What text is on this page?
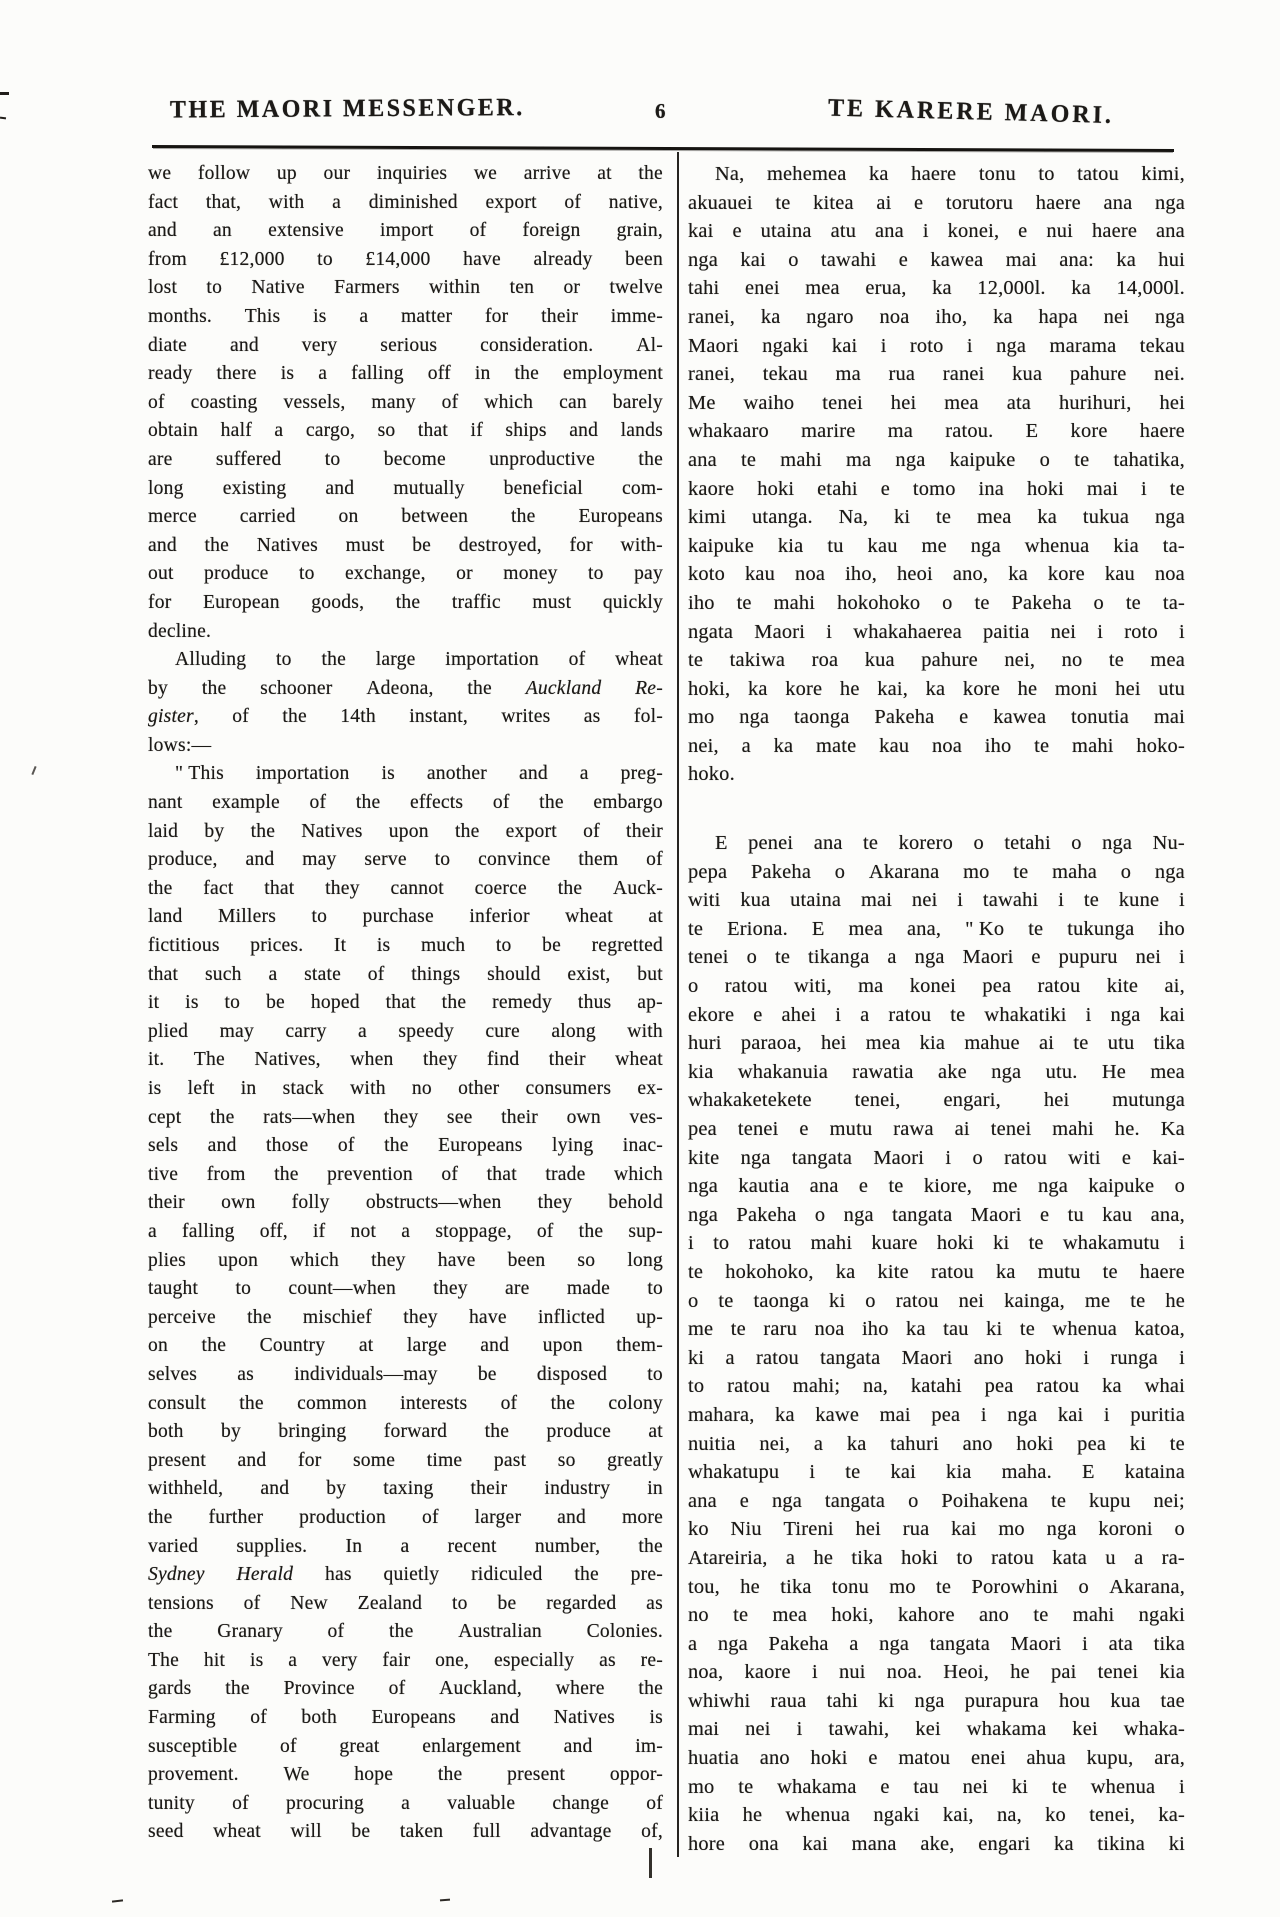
THE MAORI MESSENGER.	6	TE KARERE MAORI.
we follow up our inquiries we arrive at the
fact that, with a diminished export of native,
and an extensive import of foreign grain,
from £12,000 to £14,000 have already been
lost to Native Farmers within ten or twelve
months. This is a matter for their imme-
diate and very serious consideration. Al-
ready there is a falling off in the employment
of coasting vessels, many of which can barely
obtain half a cargo, so that if ships and lands
are suffered to become unproductive the
long existing and mutually beneficial com-
merce carried on between the Europeans
and the Natives must be destroyed, for with-
out produce to exchange, or money to pay
for European goods, the traffic must quickly
decline.
Alluding to the large importation of wheat
by the schooner Adeona, the Auckland Re-
gister, of the 14th instant, writes as fol-
lows:—
" This importation is another and a preg-
nant example of the effects of the embargo
laid by the Natives upon the export of their
produce, and may serve to convince them of
the fact that they cannot coerce the Auck-
land Millers to purchase inferior wheat at
fictitious prices. It is much to be regretted
that such a state of things should exist, but
it is to be hoped that the remedy thus ap-
plied may carry a speedy cure along with
it. The Natives, when they find their wheat
is left in stack with no other consumers ex-
cept the rats—when they see their own ves-
sels and those of the Europeans lying inac-
tive from the prevention of that trade which
their own folly obstructs—when they behold
a falling off, if not a stoppage, of the sup-
plies upon which they have been so long
taught to count—when they are made to
perceive the mischief they have inflicted up-
on the Country at large and upon them-
selves as individuals—may be disposed to
consult the common interests of the colony
both by bringing forward the produce at
present and for some time past so greatly
withheld, and by taxing their industry in
the further production of larger and more
varied supplies. In a recent number, the
Sydney Herald has quietly ridiculed the pre-
tensions of New Zealand to be regarded as
the Granary of the Australian Colonies.
The hit is a very fair one, especially as re-
gards the Province of Auckland, where the
Farming of both Europeans and Natives is
susceptible of great enlargement and im-
provement. We hope the present oppor-
tunity of procuring a valuable change of
seed wheat will be taken full advantage of,
Na, mehemea ka haere tonu to tatou kimi,
akuauei te kitea ai e torutoru haere ana nga
kai e utaina atu ana i konei, e nui haere ana
nga kai o tawahi e kawea mai ana: ka hui
tahi enei mea erua, ka 12,000l. ka 14,000l.
ranei, ka ngaro noa iho, ka hapa nei nga
Maori ngaki kai i roto i nga marama tekau
ranei, tekau ma rua ranei kua pahure nei.
Me waiho tenei hei mea ata hurihuri, hei
whakaaro marire ma ratou. E kore haere
ana te mahi ma nga kaipuke o te tahatika,
kaore hoki etahi e tomo ina hoki mai i te
kimi utanga. Na, ki te mea ka tukua nga
kaipuke kia tu kau me nga whenua kia ta-
koto kau noa iho, heoi ano, ka kore kau noa
iho te mahi hokohoko o te Pakeha o te ta-
ngata Maori i whakahaerea paitia nei i roto i
te takiwa roa kua pahure nei, no te mea
hoki, ka kore he kai, ka kore he moni hei utu
mo nga taonga Pakeha e kawea tonutia mai
nei, a ka mate kau noa iho te mahi hoko-
hoko.
E penei ana te korero o tetahi o nga Nu-
pepa Pakeha o Akarana mo te maha o nga
witi kua utaina mai nei i tawahi i te kune i
te Eriona. E mea ana, " Ko te tukunga iho
tenei o te tikanga a nga Maori e pupuru nei i
o ratou witi, ma konei pea ratou kite ai,
ekore e ahei i a ratou te whakatiki i nga kai
huri paraoa, hei mea kia mahue ai te utu tika
kia whakanuia rawatia ake nga utu. He mea
whakaketekete tenei, engari, hei mutunga
pea tenei e mutu rawa ai tenei mahi he. Ka
kite nga tangata Maori i o ratou witi e kai-
nga kautia ana e te kiore, me nga kaipuke o
nga Pakeha o nga tangata Maori e tu kau ana,
i to ratou mahi kuare hoki ki te whakamutu i
te hokohoko, ka kite ratou ka mutu te haere
o te taonga ki o ratou nei kainga, me te he
me te raru noa iho ka tau ki te whenua katoa,
ki a ratou tangata Maori ano hoki i runga i
to ratou mahi; na, katahi pea ratou ka whai
mahara, ka kawe mai pea i nga kai i puritia
nuitia nei, a ka tahuri ano hoki pea ki te
whakatupu i te kai kia maha. E kataina
ana e nga tangata o Poihakena te kupu nei;
ko Niu Tireni hei rua kai mo nga koroni o
Atareiria, a he tika hoki to ratou kata u a ra-
tou, he tika tonu mo te Porowhini o Akarana,
no te mea hoki, kahore ano te mahi ngaki
a nga Pakeha a nga tangata Maori i ata tika
noa, kaore i nui noa. Heoi, he pai tenei kia
whiwhi raua tahi ki nga purapura hou kua tae
mai nei i tawahi, kei whakama kei whaka-
huatia ano hoki e matou enei ahua kupu, ara,
mo te whakama e tau nei ki te whenua i
kiia he whenua ngaki kai, na, ko tenei, ka-
hore ona kai mana ake, engari ka tikina ki
